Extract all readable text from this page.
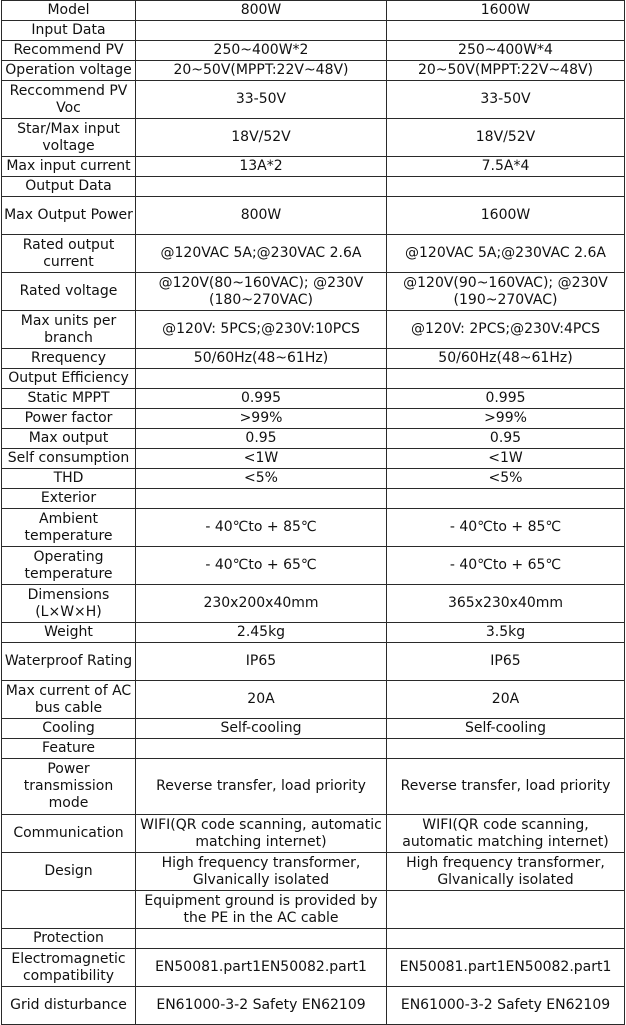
Model	800W	1600W
Input Data		
Recommend PV	250~400W*2	250~400W*4
Operation voltage	20~50V(MPPT:22V~48V)	20~50V(MPPT:22V~48V)
Reccommend PV Voc	33-50V	33-50V
Star/Max input voltage	18V/52V	18V/52V
Max input current	13A*2	7.5A*4
Output Data		
Max Output Power	800W	1600W
Rated output current	@120VAC 5A;@230VAC 2.6A	@120VAC 5A;@230VAC 2.6A
Rated voltage	@120V(80~160VAC); @230V (180~270VAC)	@120V(90~160VAC); @230V (190~270VAC)
Max units per branch	@120V: 5PCS;@230V:10PCS	@120V: 2PCS;@230V:4PCS
Rrequency	50/60Hz(48~61Hz)	50/60Hz(48~61Hz)
Output Efficiency		
Static MPPT	0.995	0.995
Power factor	>99%	>99%
Max output	0.95	0.95
Self consumption	<1W	<1W
THD	<5%	<5%
Exterior		
Ambient temperature	- 40℃to + 85℃	- 40℃to + 85℃
Operating temperature	- 40℃to + 65℃	- 40℃to + 65℃
Dimensions (L×W×H)	230x200x40mm	365x230x40mm
Weight	2.45kg	3.5kg
Waterproof Rating	IP65	IP65
Max current of AC bus cable	20A	20A
Cooling	Self-cooling	Self-cooling
Feature		
Power transmission mode	Reverse transfer, load priority	Reverse transfer, load priority
Communication	WIFI(QR code scanning, automatic matching internet)	WIFI(QR code scanning, automatic matching internet)
Design	High frequency transformer, Glvanically isolated	High frequency transformer, Glvanically isolated
	Equipment ground is provided by the PE in the AC cable	
Protection		
Electromagnetic compatibility	EN50081.part1EN50082.part1	EN50081.part1EN50082.part1
Grid disturbance	EN61000-3-2 Safety EN62109	EN61000-3-2 Safety EN62109
